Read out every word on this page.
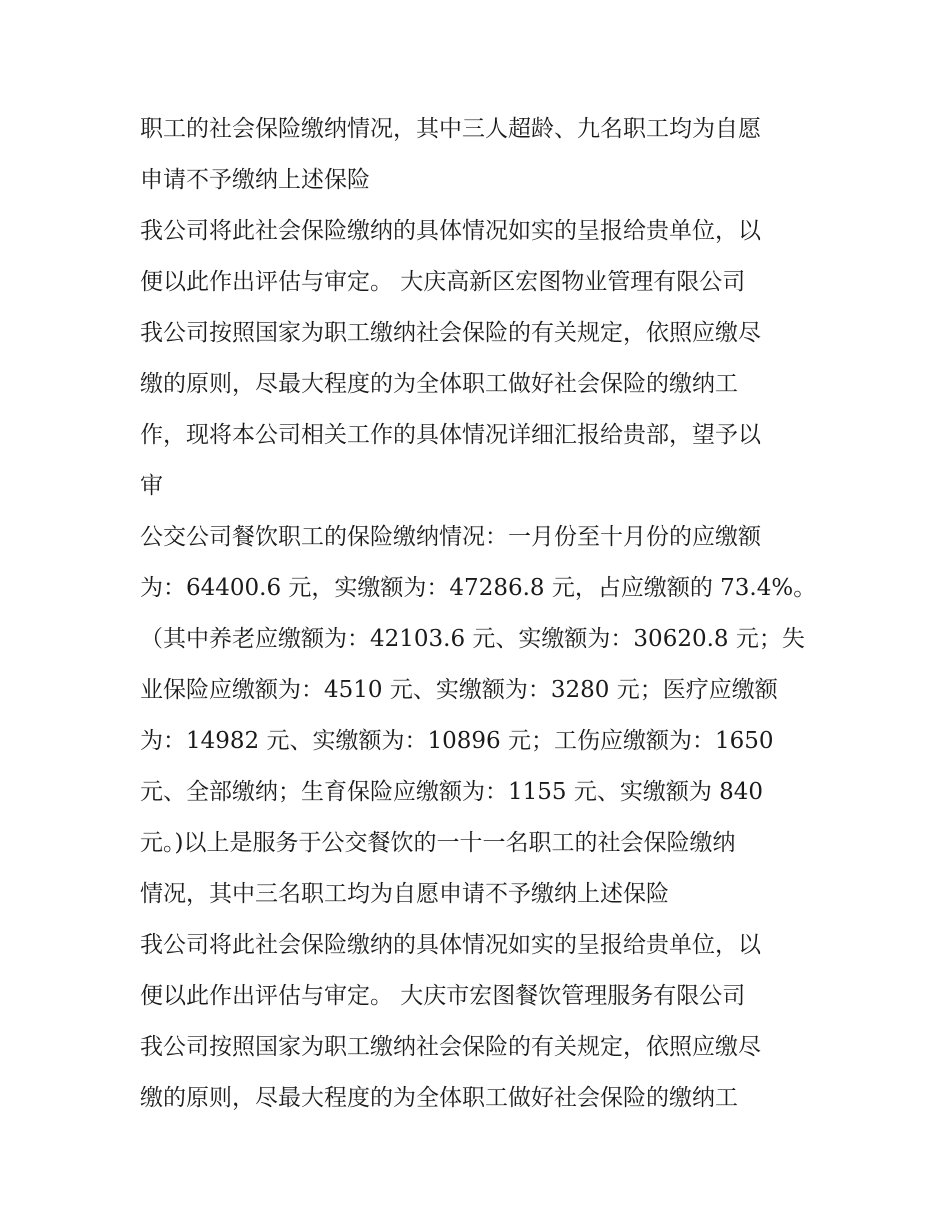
职工的社会保险缴纳情况，其中三人超龄、九名职工均为自愿
申请不予缴纳上述保险
我公司将此社会保险缴纳的具体情况如实的呈报给贵单位，以
便以此作出评估与审定。 大庆高新区宏图物业管理有限公司
我公司按照国家为职工缴纳社会保险的有关规定，依照应缴尽
缴的原则，尽最大程度的为全体职工做好社会保险的缴纳工
作，现将本公司相关工作的具体情况详细汇报给贵部，望予以
审
公交公司餐饮职工的保险缴纳情况：一月份至十月份的应缴额
为：64400.6 元，实缴额为：47286.8 元，占应缴额的 73.4%。
（其中养老应缴额为：42103.6 元、实缴额为：30620.8 元；失
业保险应缴额为：4510 元、实缴额为：3280 元；医疗应缴额
为：14982 元、实缴额为：10896 元；工伤应缴额为：1650
元、全部缴纳；生育保险应缴额为：1155 元、实缴额为 840
元。)以上是服务于公交餐饮的一十一名职工的社会保险缴纳
情况，其中三名职工均为自愿申请不予缴纳上述保险
我公司将此社会保险缴纳的具体情况如实的呈报给贵单位，以
便以此作出评估与审定。 大庆市宏图餐饮管理服务有限公司
我公司按照国家为职工缴纳社会保险的有关规定，依照应缴尽
缴的原则，尽最大程度的为全体职工做好社会保险的缴纳工
